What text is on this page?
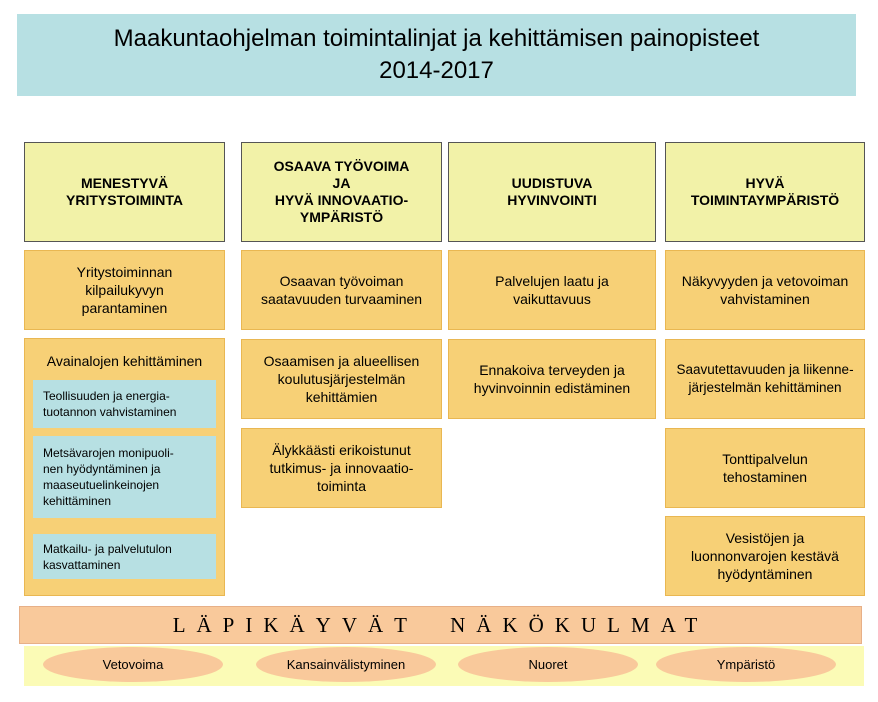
Maakuntaohjelman toimintalinjat ja kehittämisen painopisteet
2014-2017
MENESTYVÄ
YRITYSTOIMINTA
OSAAVA TYÖVOIMA
JA
HYVÄ INNOVAATIO-
YMPÄRISTÖ
UUDISTUVA
HYVINVOINTI
HYVÄ
TOIMINTAYMPÄRISTÖ
Yritystoiminnan
kilpailukyvyn
parantaminen
Avainalojen kehittäminen
Teollisuuden ja energia-
tuotannon vahvistaminen
Metsävarojen monipuoli-
nen hyödyntäminen ja
maaseutuelinkeinojen
kehittäminen
Matkailu- ja palvelutulon
kasvattaminen
Osaavan työvoiman
saatavuuden turvaaminen
Osaamisen ja alueellisen
koulutusjärjestelmän
kehittämien
Älykkäästi erikoistunut
tutkimus- ja innovaatio-
toiminta
Palvelujen laatu ja
vaikuttavuus
Ennakoiva terveyden ja
hyvinvoinnin edistäminen
Näkyvyyden ja vetovoiman
vahvistaminen
Saavutettavuuden ja liikenne-
järjestelmän kehittäminen
Tonttipalvelun
tehostaminen
Vesistöjen ja
luonnonvarojen kestävä
hyödyntäminen
LÄPIKÄYVÄT  NÄKÖKULMAT
Vetovoima	Kansainvälistyminen	Nuoret	Ympäristö
